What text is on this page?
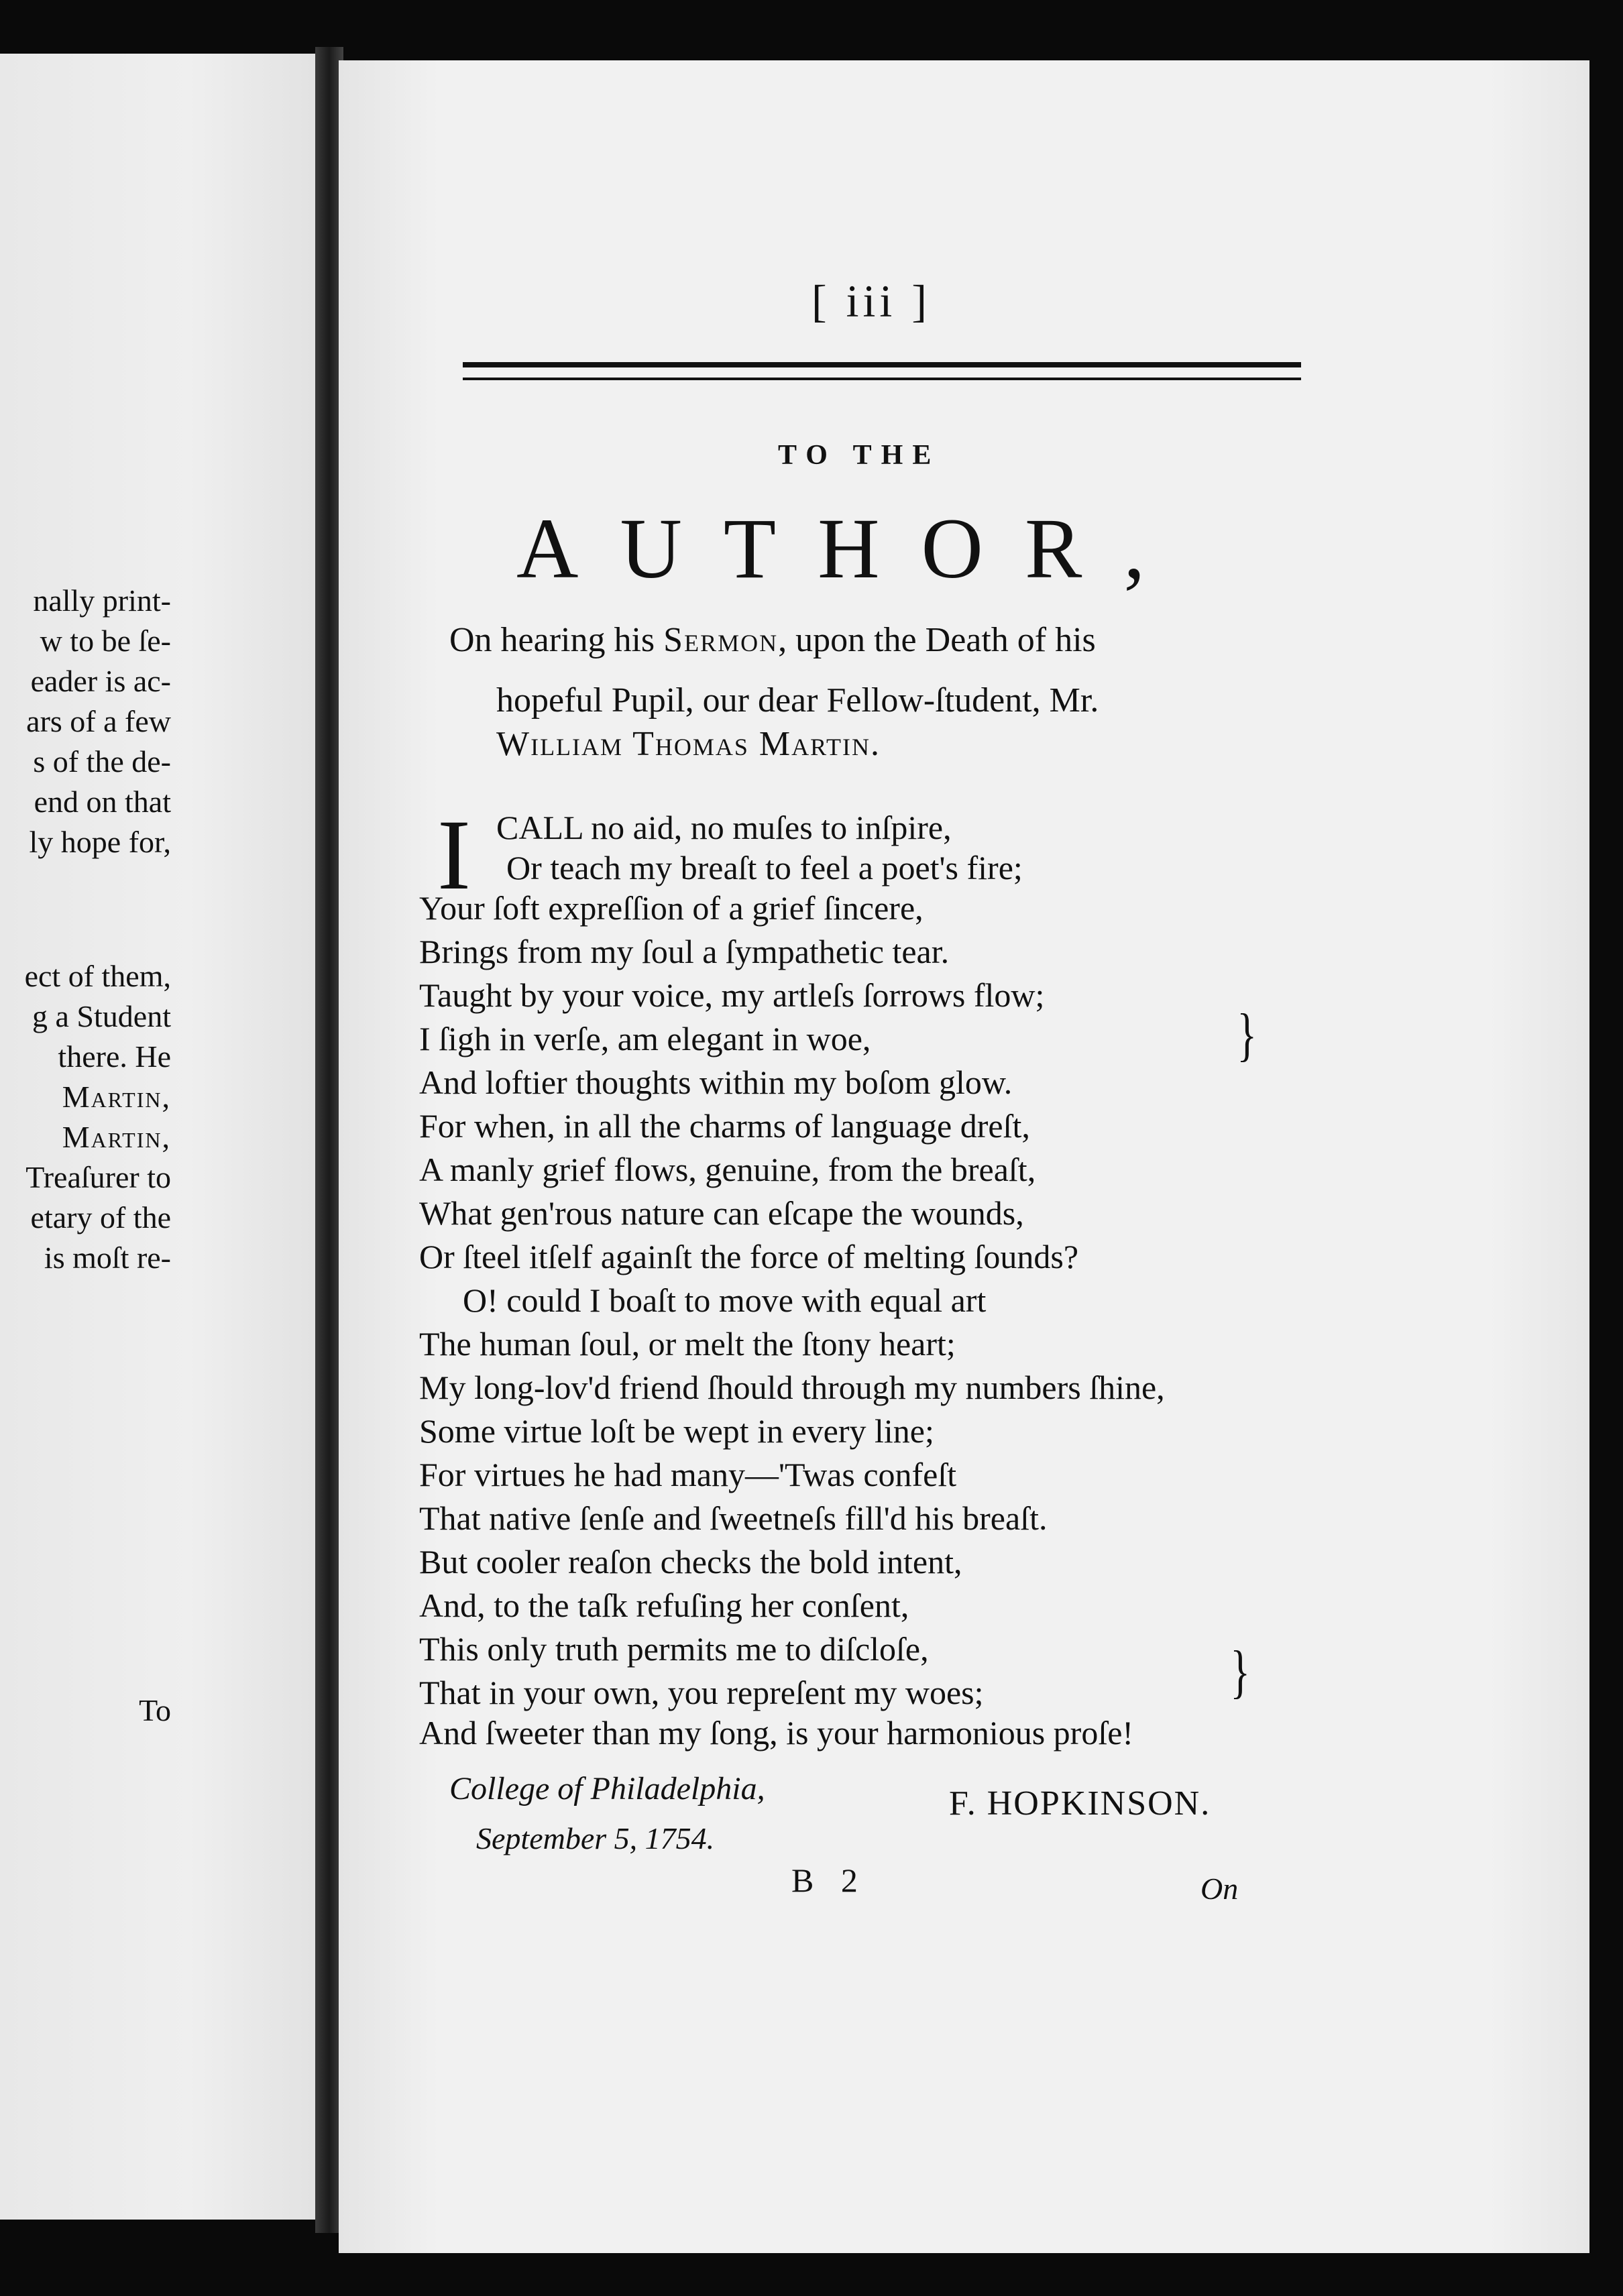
nally print-
w to be ſe-
eader is ac-
ars of a few
s of the de-
end on that
ly hope for,
ect of them,
g a Student
there. He
Martin,
Martin,
Treaſurer to
etary of the
is moſt re-
To
[ iii ]
TO THE
AUTHOR,
On hearing his Sermon, upon the Death of his
hopeful Pupil, our dear Fellow-ſtudent, Mr.
William Thomas Martin.
I CALL no aid, no muſes to inſpire,
Or teach my breaſt to feel a poet's fire;
Your ſoft expreſſion of a grief ſincere,
Brings from my ſoul a ſympathetic tear.
Taught by your voice, my artleſs ſorrows flow;
I ſigh in verſe, am elegant in woe,
And loftier thoughts within my boſom glow.
For when, in all the charms of language dreſt,
A manly grief flows, genuine, from the breaſt,
What gen'rous nature can eſcape the wounds,
Or ſteel itſelf againſt the force of melting ſounds?
O! could I boaſt to move with equal art
The human ſoul, or melt the ſtony heart;
My long-lov'd friend ſhould through my numbers ſhine,
Some virtue loſt be wept in every line;
For virtues he had many—'Twas confeſt
That native ſenſe and ſweetneſs fill'd his breaſt.
But cooler reaſon checks the bold intent,
And, to the taſk refuſing her conſent,
This only truth permits me to diſcloſe,
That in your own, you repreſent my woes;
And ſweeter than my ſong, is your harmonious proſe!
}
}
College of Philadelphia,
September 5, 1754.
F. HOPKINSON.
B 2	On
